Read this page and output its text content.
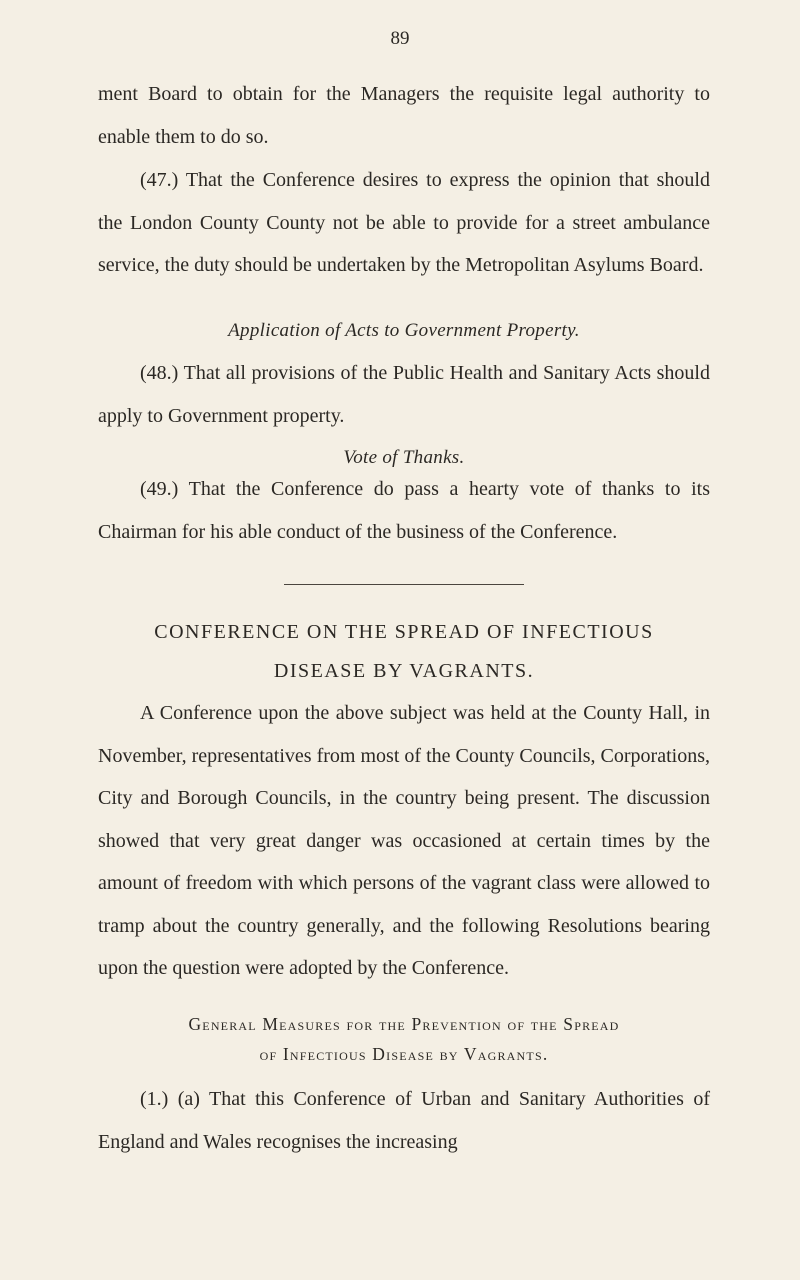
89

ment Board to obtain for the Managers the requisite legal authority to enable them to do so.

(47.) That the Conference desires to express the opinion that should the London County County not be able to provide for a street ambulance service, the duty should be undertaken by the Metropolitan Asylums Board.

Application of Acts to Government Property.

(48.) That all provisions of the Public Health and Sanitary Acts should apply to Government property.

Vote of Thanks.

(49.) That the Conference do pass a hearty vote of thanks to its Chairman for his able conduct of the business of the Conference.

CONFERENCE ON THE SPREAD OF INFECTIOUS
DISEASE BY VAGRANTS.

A Conference upon the above subject was held at the County Hall, in November, representatives from most of the County Councils, Corporations, City and Borough Councils, in the country being present. The discussion showed that very great danger was occasioned at certain times by the amount of freedom with which persons of the vagrant class were allowed to tramp about the country generally, and the following Resolutions bearing upon the question were adopted by the Conference.

General Measures for the Prevention of the Spread
of Infectious Disease by Vagrants.

(1.) (a) That this Conference of Urban and Sanitary Authorities of England and Wales recognises the increasing
